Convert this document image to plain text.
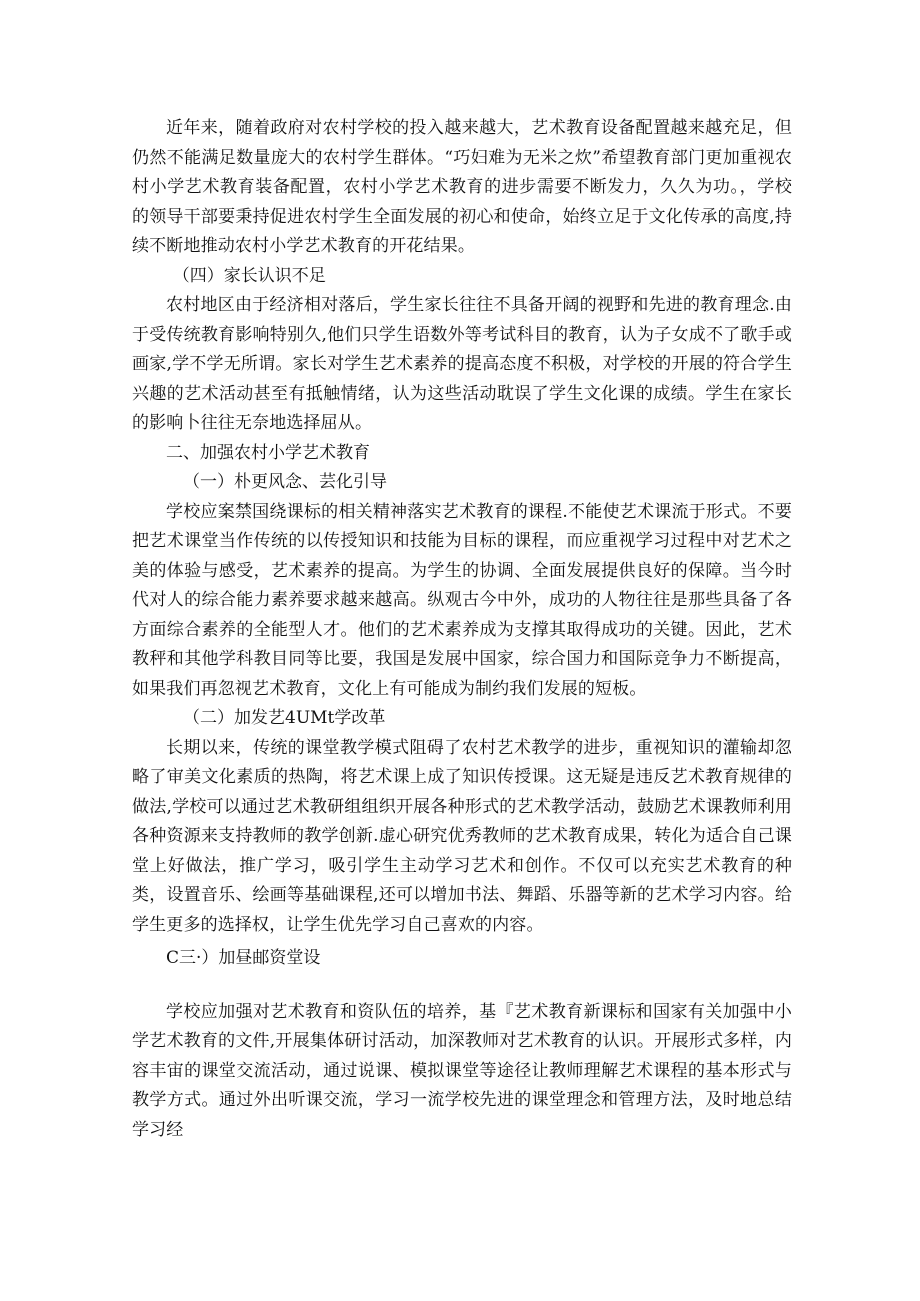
近年来，随着政府对农村学校的投入越来越大，艺术教育设备配置越来越充足，但仍然不能满足数量庞大的农村学生群体。“巧妇难为无米之炊”希望教育部门更加重视农村小学艺术教育装备配置，农村小学艺术教育的进步需要不断发力，久久为功。，学校的领导干部要秉持促进农村学生全面发展的初心和使命，始终立足于文化传承的高度,持续不断地推动农村小学艺术教育的开花结果。

（四）家长认识不足

农村地区由于经济相对落后，学生家长往往不具备开阔的视野和先进的教育理念.由于受传统教育影响特别久,他们只学生语数外等考试科目的教育，认为子女成不了歌手或画家,学不学无所谓。家长对学生艺术素养的提高态度不积极，对学校的开展的符合学生兴趣的艺术活动甚至有抵触情绪，认为这些活动耽误了学生文化课的成绩。学生在家长的影响卜往往无奈地选择屈从。

二、加强农村小学艺术教育

（一）朴更风念、芸化引导

学校应案禁国绕课标的相关精神落实艺术教育的课程.不能使艺术课流于形式。不要把艺术课堂当作传统的以传授知识和技能为目标的课程，而应重视学习过程中对艺术之美的体验与感受，艺术素养的提高。为学生的协调、全面发展提供良好的保障。当今时代对人的综合能力素养要求越来越高。纵观古今中外，成功的人物往往是那些具备了各方面综合素养的全能型人才。他们的艺术素养成为支撑其取得成功的关键。因此，艺术教秤和其他学科教目同等比要，我国是发展中国家，综合国力和国际竞争力不断提高，如果我们再忽视艺术教育，文化上有可能成为制约我们发展的短板。

（二）加发艺4UMt学改革

长期以来，传统的课堂教学模式阻碍了农村艺术教学的进步，重视知识的灌输却忽略了审美文化素质的热陶，将艺术课上成了知识传授课。这无疑是违反艺术教育规律的做法,学校可以通过艺术教研组组织开展各种形式的艺术教学活动，鼓励艺术课教师利用各种资源来支持教师的教学创新.虚心研究优秀教师的艺术教育成果，转化为适合自己课堂上好做法，推广学习，吸引学生主动学习艺术和创作。不仅可以充实艺术教育的种类，设置音乐、绘画等基础课程,还可以增加书法、舞蹈、乐器等新的艺术学习内容。给学生更多的选择权，让学生优先学习自己喜欢的内容。

C三·）加昼邮资堂设

学校应加强对艺术教育和资队伍的培养，基『艺术教育新课标和国家有关加强中小学艺术教育的文件,开展集体研讨活动，加深教师对艺术教育的认识。开展形式多样，内容丰宙的课堂交流活动，通过说课、模拟课堂等途径让教师理解艺术课程的基本形式与教学方式。通过外出听课交流，学习一流学校先进的课堂理念和管理方法，及时地总结学习经
